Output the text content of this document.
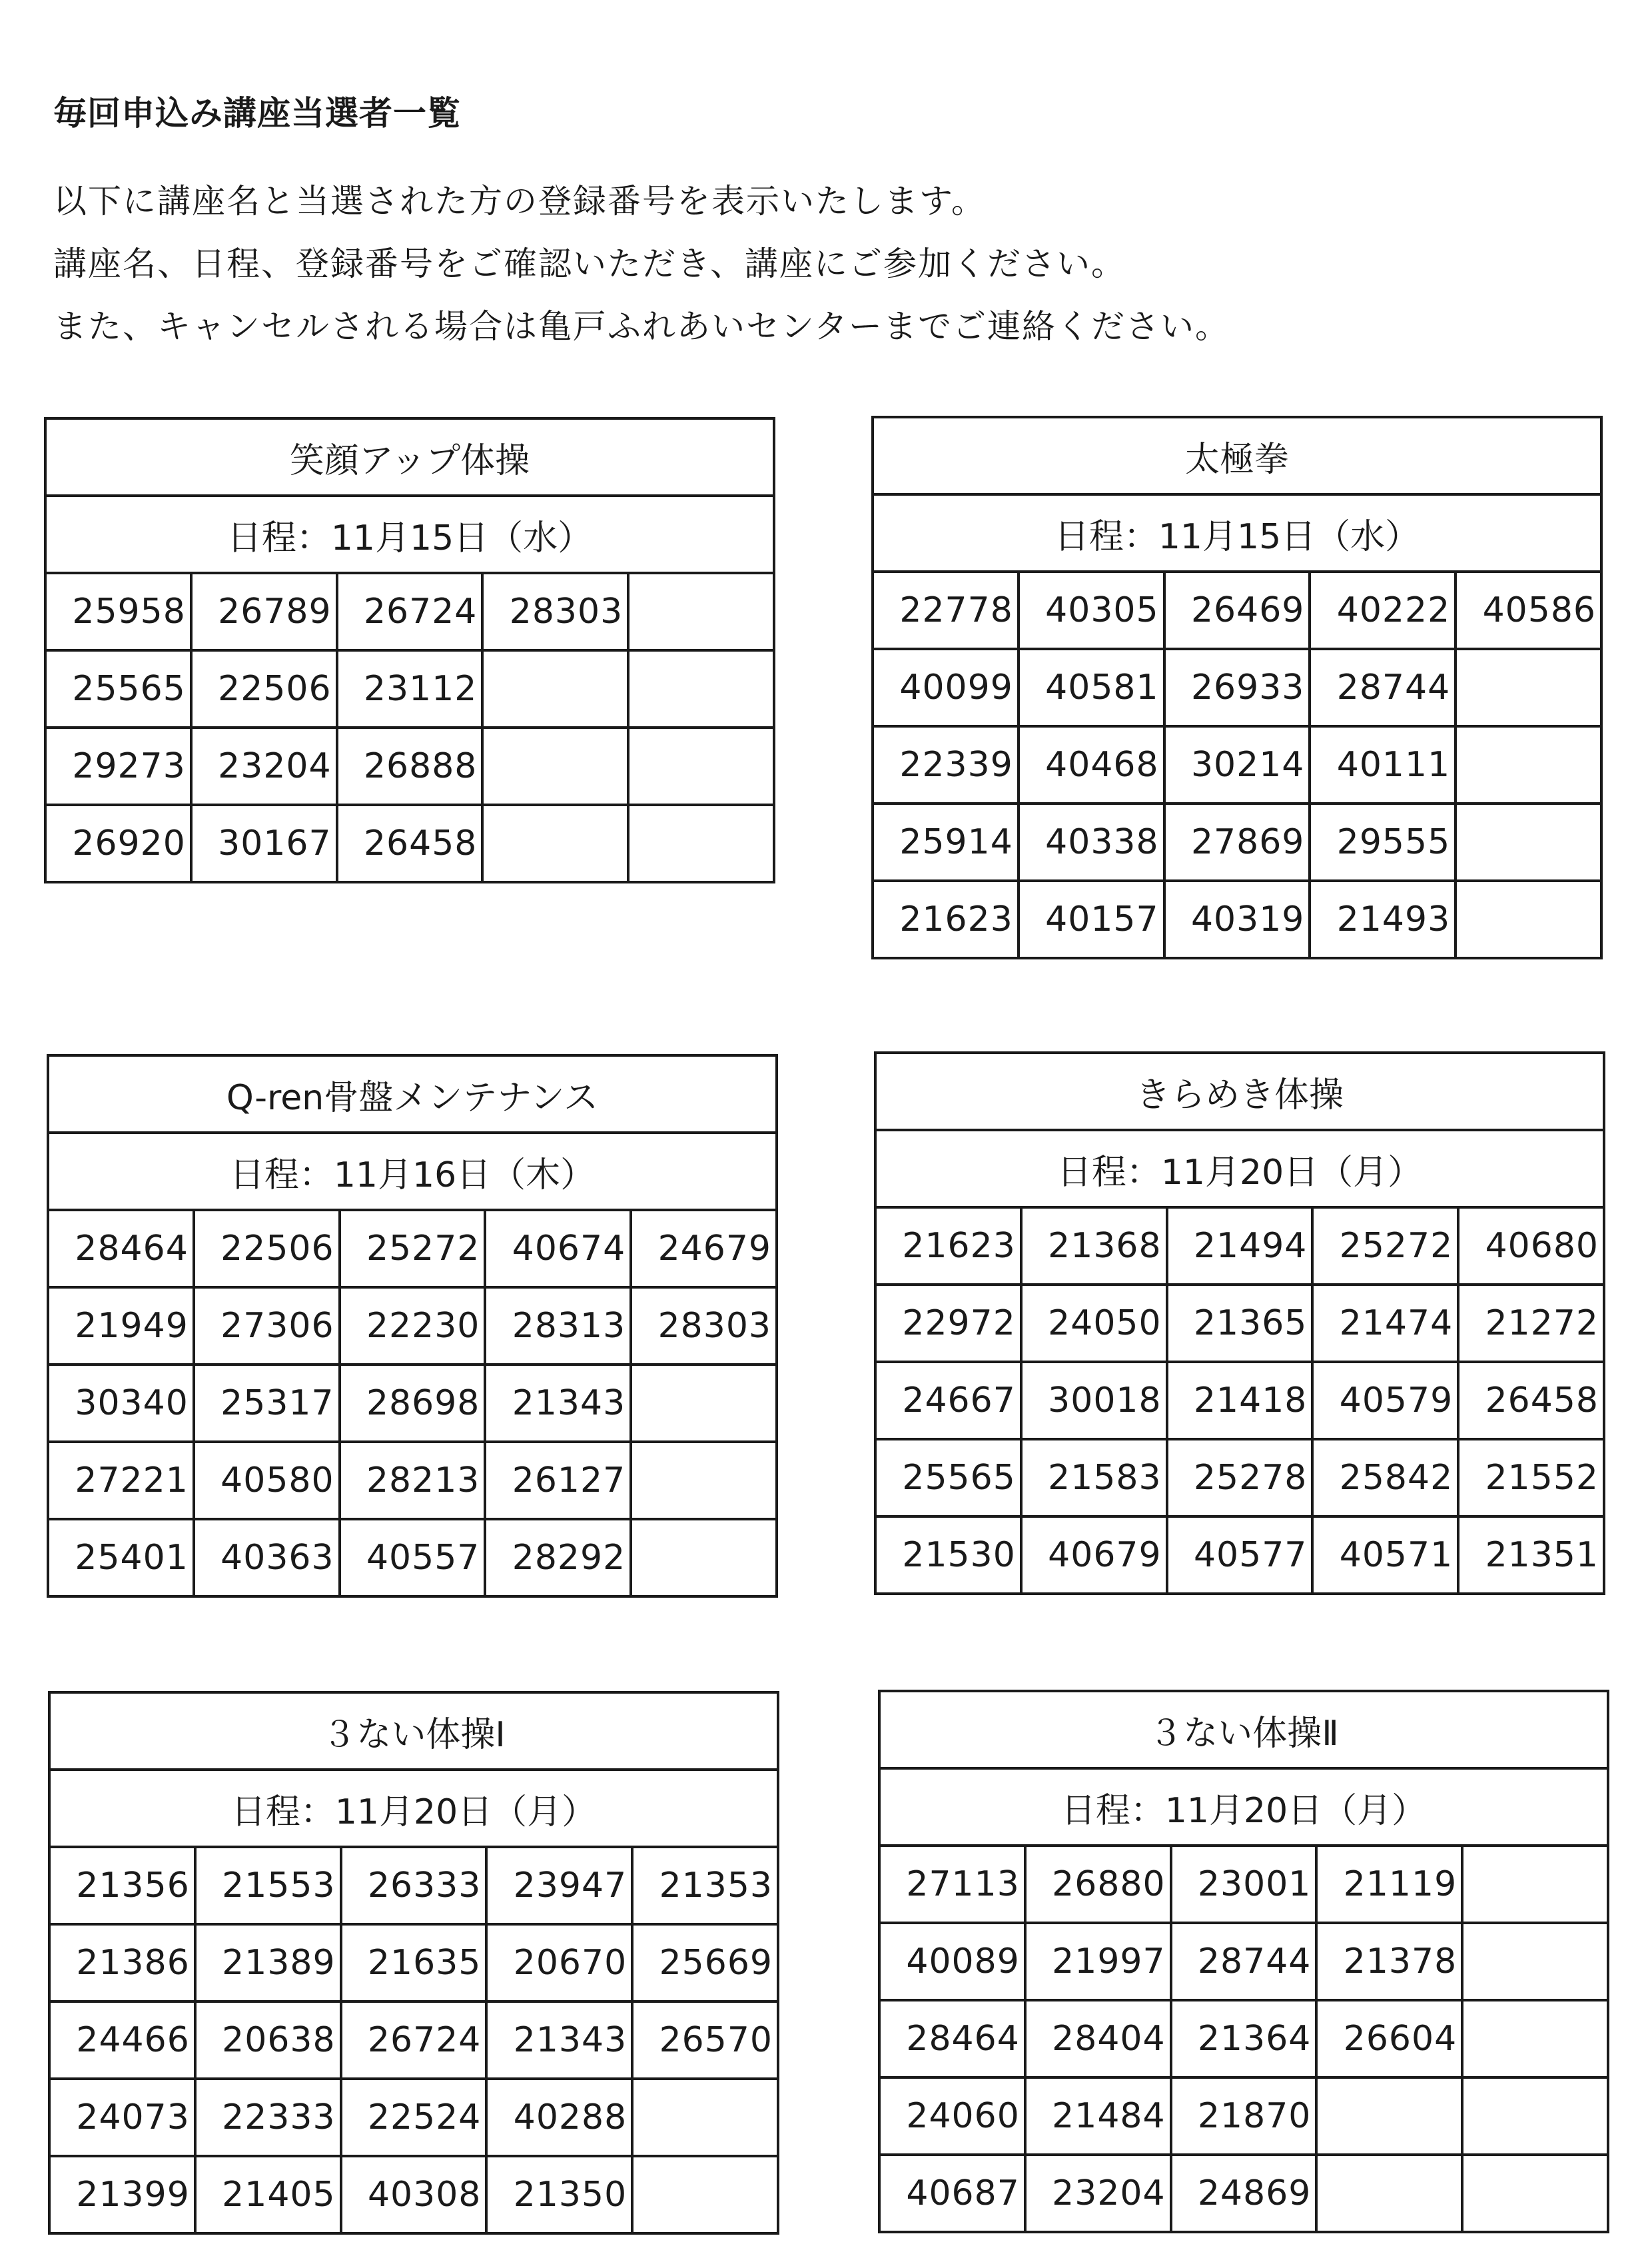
毎回申込み講座当選者一覧
以下に講座名と当選された方の登録番号を表示いたします。
講座名、日程、登録番号をご確認いただき、講座にご参加ください。
また、キャンセルされる場合は亀戸ふれあいセンターまでご連絡ください。
笑顔アップ体操				
日程：11月15日（水）				
25958	26789	26724	28303	
25565	22506	23112		
29273	23204	26888		
26920	30167	26458		
太極拳				
日程：11月15日（水）				
22778	40305	26469	40222	40586
40099	40581	26933	28744	
22339	40468	30214	40111	
25914	40338	27869	29555	
21623	40157	40319	21493	
Q-ren骨盤メンテナンス				
日程：11月16日（木）				
28464	22506	25272	40674	24679
21949	27306	22230	28313	28303
30340	25317	28698	21343	
27221	40580	28213	26127	
25401	40363	40557	28292	
きらめき体操				
日程：11月20日（月）				
21623	21368	21494	25272	40680
22972	24050	21365	21474	21272
24667	30018	21418	40579	26458
25565	21583	25278	25842	21552
21530	40679	40577	40571	21351
３ない体操Ⅰ				
日程：11月20日（月）				
21356	21553	26333	23947	21353
21386	21389	21635	20670	25669
24466	20638	26724	21343	26570
24073	22333	22524	40288	
21399	21405	40308	21350	
３ない体操Ⅱ				
日程：11月20日（月）				
27113	26880	23001	21119	
40089	21997	28744	21378	
28464	28404	21364	26604	
24060	21484	21870		
40687	23204	24869		
